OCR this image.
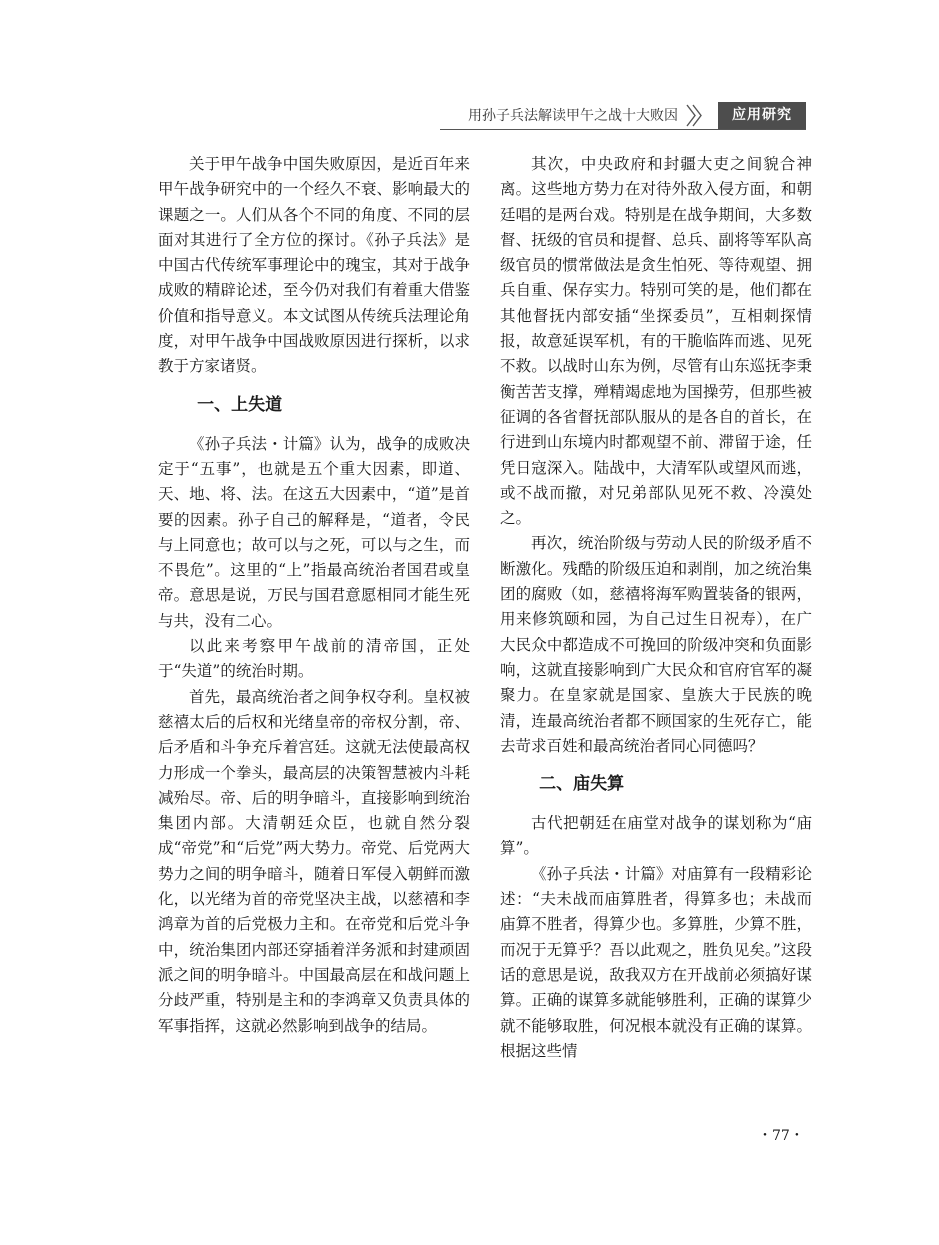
用孙子兵法解读甲午之战十大败因	应用研究

关于甲午战争中国失败原因，是近百年来甲午战争研究中的一个经久不衰、影响最大的课题之一。人们从各个不同的角度、不同的层面对其进行了全方位的探讨。《孙子兵法》是中国古代传统军事理论中的瑰宝，其对于战争成败的精辟论述，至今仍对我们有着重大借鉴价值和指导意义。本文试图从传统兵法理论角度，对甲午战争中国战败原因进行探析，以求教于方家诸贤。

一、上失道

《孙子兵法・计篇》认为，战争的成败决定于“五事”，也就是五个重大因素，即道、天、地、将、法。在这五大因素中，“道”是首要的因素。孙子自己的解释是，“道者，令民与上同意也；故可以与之死，可以与之生，而不畏危”。这里的“上”指最高统治者国君或皇帝。意思是说，万民与国君意愿相同才能生死与共，没有二心。

以此来考察甲午战前的清帝国，正处于“失道”的统治时期。

首先，最高统治者之间争权夺利。皇权被慈禧太后的后权和光绪皇帝的帝权分割，帝、后矛盾和斗争充斥着宫廷。这就无法使最高权力形成一个拳头，最高层的决策智慧被内斗耗减殆尽。帝、后的明争暗斗，直接影响到统治集团内部。大清朝廷众臣，也就自然分裂成“帝党”和“后党”两大势力。帝党、后党两大势力之间的明争暗斗，随着日军侵入朝鲜而激化，以光绪为首的帝党坚决主战，以慈禧和李鸿章为首的后党极力主和。在帝党和后党斗争中，统治集团内部还穿插着洋务派和封建顽固派之间的明争暗斗。中国最高层在和战问题上分歧严重，特别是主和的李鸿章又负责具体的军事指挥，这就必然影响到战争的结局。

其次，中央政府和封疆大吏之间貌合神离。这些地方势力在对待外敌入侵方面，和朝廷唱的是两台戏。特别是在战争期间，大多数督、抚级的官员和提督、总兵、副将等军队高级官员的惯常做法是贪生怕死、等待观望、拥兵自重、保存实力。特别可笑的是，他们都在其他督抚内部安插“坐探委员”，互相刺探情报，故意延误军机，有的干脆临阵而逃、见死不救。以战时山东为例，尽管有山东巡抚李秉衡苦苦支撑，殚精竭虑地为国操劳，但那些被征调的各省督抚部队服从的是各自的首长，在行进到山东境内时都观望不前、滞留于途，任凭日寇深入。陆战中，大清军队或望风而逃，或不战而撤，对兄弟部队见死不救、冷漠处之。

再次，统治阶级与劳动人民的阶级矛盾不断激化。残酷的阶级压迫和剥削，加之统治集团的腐败（如，慈禧将海军购置装备的银两，用来修筑颐和园，为自己过生日祝寿），在广大民众中都造成不可挽回的阶级冲突和负面影响，这就直接影响到广大民众和官府官军的凝聚力。在皇家就是国家、皇族大于民族的晚清，连最高统治者都不顾国家的生死存亡，能去苛求百姓和最高统治者同心同德吗？

二、庙失算

古代把朝廷在庙堂对战争的谋划称为“庙算”。

《孙子兵法・计篇》对庙算有一段精彩论述：“夫未战而庙算胜者，得算多也；未战而庙算不胜者，得算少也。多算胜，少算不胜，而况于无算乎？吾以此观之，胜负见矣。”这段话的意思是说，敌我双方在开战前必须搞好谋算。正确的谋算多就能够胜利，正确的谋算少就不能够取胜，何况根本就没有正确的谋算。根据这些情

・77・
